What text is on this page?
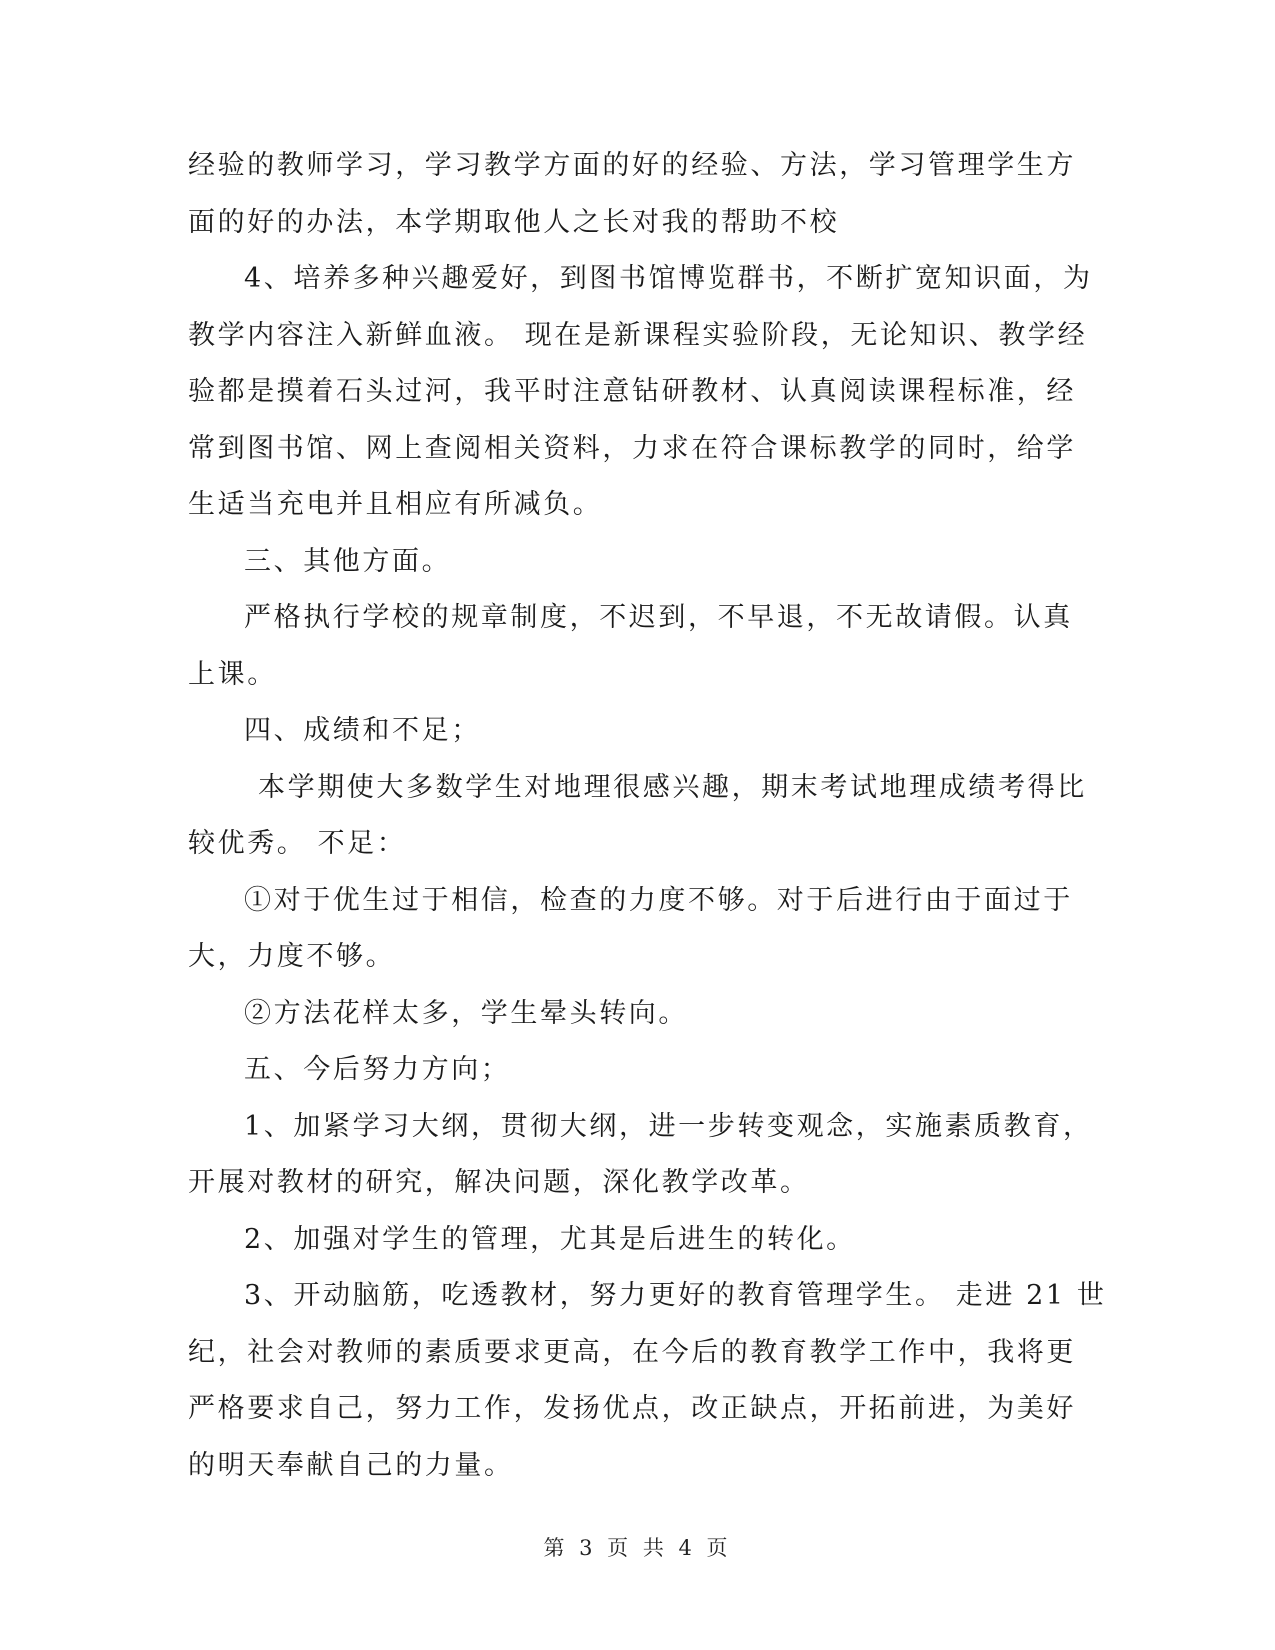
经验的教师学习，学习教学方面的好的经验、方法，学习管理学生方
面的好的办法，本学期取他人之长对我的帮助不校
4、培养多种兴趣爱好，到图书馆博览群书，不断扩宽知识面，为
教学内容注入新鲜血液。 现在是新课程实验阶段，无论知识、教学经
验都是摸着石头过河，我平时注意钻研教材、认真阅读课程标准，经
常到图书馆、网上查阅相关资料，力求在符合课标教学的同时，给学
生适当充电并且相应有所减负。
三、其他方面。
严格执行学校的规章制度，不迟到，不早退，不无故请假。认真
上课。
四、成绩和不足；
本学期使大多数学生对地理很感兴趣，期末考试地理成绩考得比
较优秀。 不足：
①对于优生过于相信，检查的力度不够。对于后进行由于面过于
大，力度不够。
②方法花样太多，学生晕头转向。
五、今后努力方向；
1、加紧学习大纲，贯彻大纲，进一步转变观念，实施素质教育，
开展对教材的研究，解决问题，深化教学改革。
2、加强对学生的管理，尤其是后进生的转化。
3、开动脑筋，吃透教材，努力更好的教育管理学生。 走进 21 世
纪，社会对教师的素质要求更高，在今后的教育教学工作中，我将更
严格要求自己，努力工作，发扬优点，改正缺点，开拓前进，为美好
的明天奉献自己的力量。
第 3 页 共 4 页
